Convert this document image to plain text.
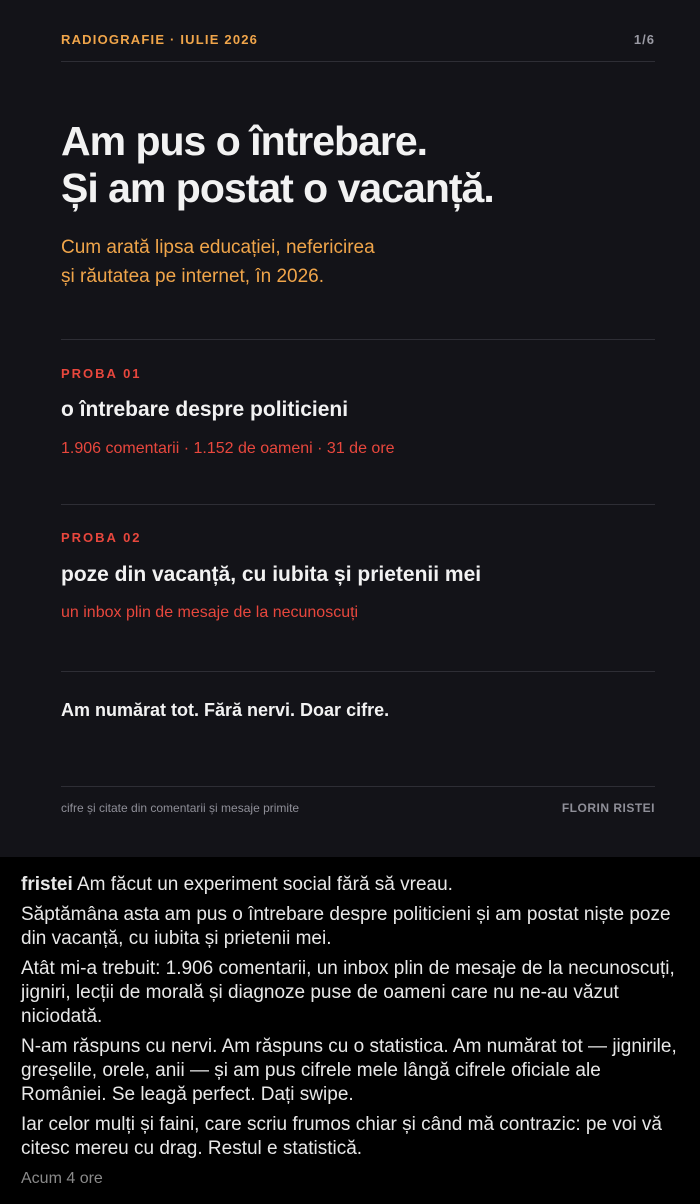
RADIOGRAFIE · IULIE 2026	1/6
Am pus o întrebare.
Și am postat o vacanță.

Cum arată lipsa educației, nefericirea
și răutatea pe internet, în 2026.

PROBA 01
o întrebare despre politicieni
1.906 comentarii · 1.152 de oameni · 31 de ore
PROBA 02
poze din vacanță, cu iubita și prietenii mei
un inbox plin de mesaje de la necunoscuți
Am numărat tot. Fără nervi. Doar cifre.
cifre și citate din comentarii și mesaje primite	FLORIN RISTEI

fristei Am făcut un experiment social fără să vreau.

Săptămâna asta am pus o întrebare despre politicieni și am postat niște poze din vacanță, cu iubita și prietenii mei.

Atât mi-a trebuit: 1.906 comentarii, un inbox plin de mesaje de la necunoscuți, jigniri, lecții de morală și diagnoze puse de oameni care nu ne-au văzut niciodată.

N-am răspuns cu nervi. Am răspuns cu o statistica. Am numărat tot — jignirile, greșelile, orele, anii — și am pus cifrele mele lângă cifrele oficiale ale României. Se leagă perfect. Dați swipe.

Iar celor mulți și faini, care scriu frumos chiar și când mă contrazic: pe voi vă citesc mereu cu drag. Restul e statistică.

Acum 4 ore
